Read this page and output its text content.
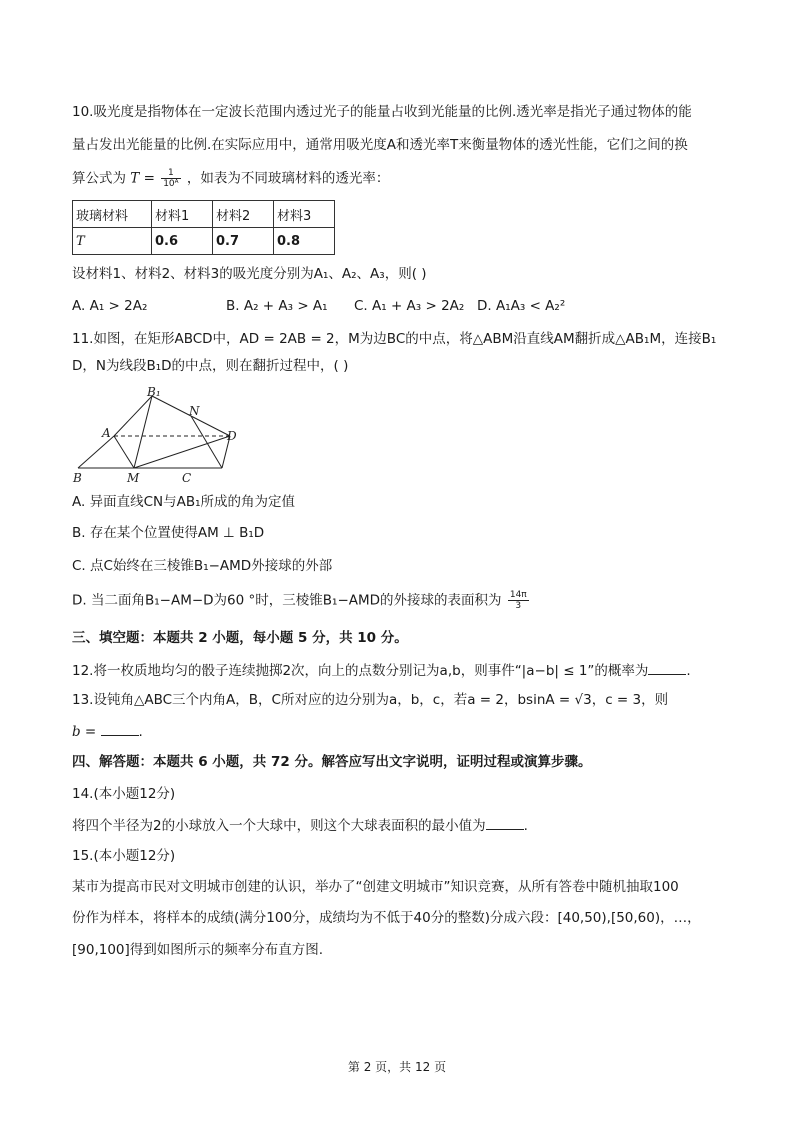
10.吸光度是指物体在一定波长范围内透过光子的能量占收到光能量的比例.透光率是指光子通过物体的能
量占发出光能量的比例.在实际应用中，通常用吸光度A和透光率T来衡量物体的透光性能，它们之间的换
算公式为 $T = \frac{1}{\text{10ᴬ}}$ ，如表为不同玻璃材料的透光率：
玻璃材料	材料1	材料2	材料3
T	0.6	0.7	0.8
设材料1、材料2、材料3的吸光度分别为A₁、A₂、A₃，则( )
A. A₁ > 2A₂	B. A₂ + A₃ > A₁ C. A₁ + A₃ > 2A₂ D. A₁A₃ < A₂²
11.如图，在矩形ABCD中，AD = 2AB = 2，M为边BC的中点，将△ABM沿直线AM翻折成△AB₁M，连接B₁
D，N为线段B₁D的中点，则在翻折过程中，( )
B₁
N
A	D
B	M	C
A. 异面直线CN与AB₁所成的角为定值
B. 存在某个位置使得AM ⊥ B₁D
C. 点C始终在三棱锥B₁−AMD外接球的外部
D. 当二面角B₁−AM−D为60 °时，三棱锥B₁−AMD的外接球的表面积为 $\frac{14\pi}{3}$
三、填空题：本题共 2 小题，每小题 5 分，共 10 分。
12.将一枚质地均匀的骰子连续抛掷2次，向上的点数分别记为a,b，则事件“|a−b| ≤ 1”的概率为	.
13.设钝角△ABC三个内角A，B，C所对应的边分别为a，b，c，若a = 2，bsinA = √3，c = 3，则
b =	.
四、解答题：本题共 6 小题，共 72 分。解答应写出文字说明，证明过程或演算步骤。
14.(本小题12分)
将四个半径为2的小球放入一个大球中，则这个大球表面积的最小值为	.
15.(本小题12分)
某市为提高市民对文明城市创建的认识，举办了“创建文明城市”知识竞赛，从所有答卷中随机抽取100
份作为样本，将样本的成绩(满分100分，成绩均为不低于40分的整数)分成六段：[40,50),[50,60)，…，
[90,100]得到如图所示的频率分布直方图.
第 2 页，共 12 页
